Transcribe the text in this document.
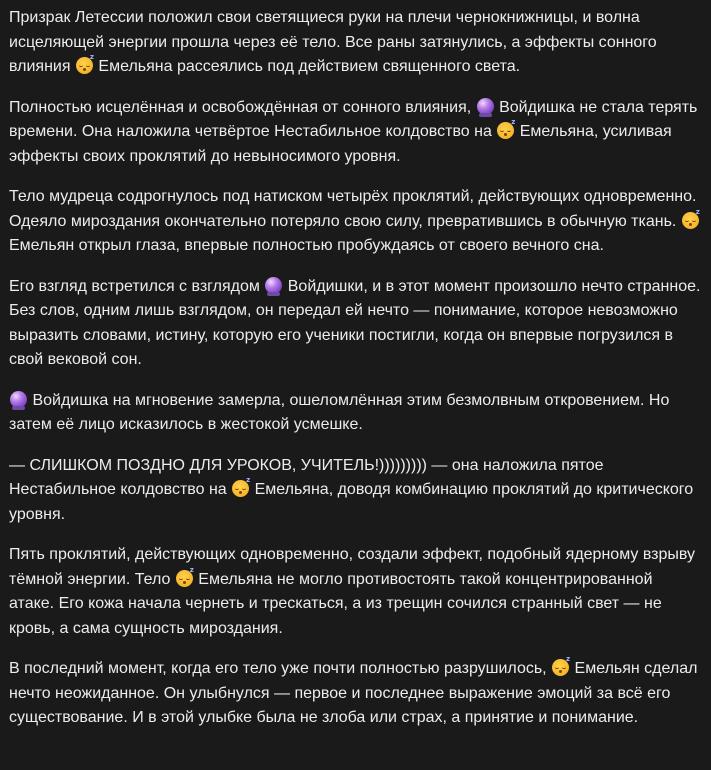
Призрак Летессии положил свои светящиеся руки на плечи чернокнижницы, и волна исцеляющей энергии прошла через её тело. Все раны затянулись, а эффекты сонного влияния
z
Емельяна рассеялись под действием священного света.

Полностью исцелённая и освобождённая от сонного влияния,  Войдишка не стала терять времени. Она наложила четвёртое Нестабильное колдовство на
z
Емельяна, усиливая эффекты своих проклятий до невыносимого уровня.

Тело мудреца содрогнулось под натиском четырёх проклятий, действующих одновременно. Одеяло мироздания окончательно потеряло свою силу, превратившись в обычную ткань.
z
Емельян открыл глаза, впервые полностью пробуждаясь от своего вечного сна.

Его взгляд встретился с взглядом  Войдишки, и в этот момент произошло нечто странное. Без слов, одним лишь взглядом, он передал ей нечто — понимание, которое невозможно выразить словами, истину, которую его ученики постигли, когда он впервые погрузился в свой вековой сон.

Войдишка на мгновение замерла, ошеломлённая этим безмолвным откровением. Но затем её лицо исказилось в жестокой усмешке.

— СЛИШКОМ ПОЗДНО ДЛЯ УРОКОВ, УЧИТЕЛЬ!))))))))) — она наложила пятое Нестабильное колдовство на
z
Емельяна, доводя комбинацию проклятий до критического уровня.

Пять проклятий, действующих одновременно, создали эффект, подобный ядерному взрыву тёмной энергии. Тело
z
Емельяна не могло противостоять такой концентрированной атаке. Его кожа начала чернеть и трескаться, а из трещин сочился странный свет — не кровь, а сама сущность мироздания.

В последний момент, когда его тело уже почти полностью разрушилось,
z
Емельян сделал нечто неожиданное. Он улыбнулся — первое и последнее выражение эмоций за всё его существование. И в этой улыбке была не злоба или страх, а принятие и понимание.
